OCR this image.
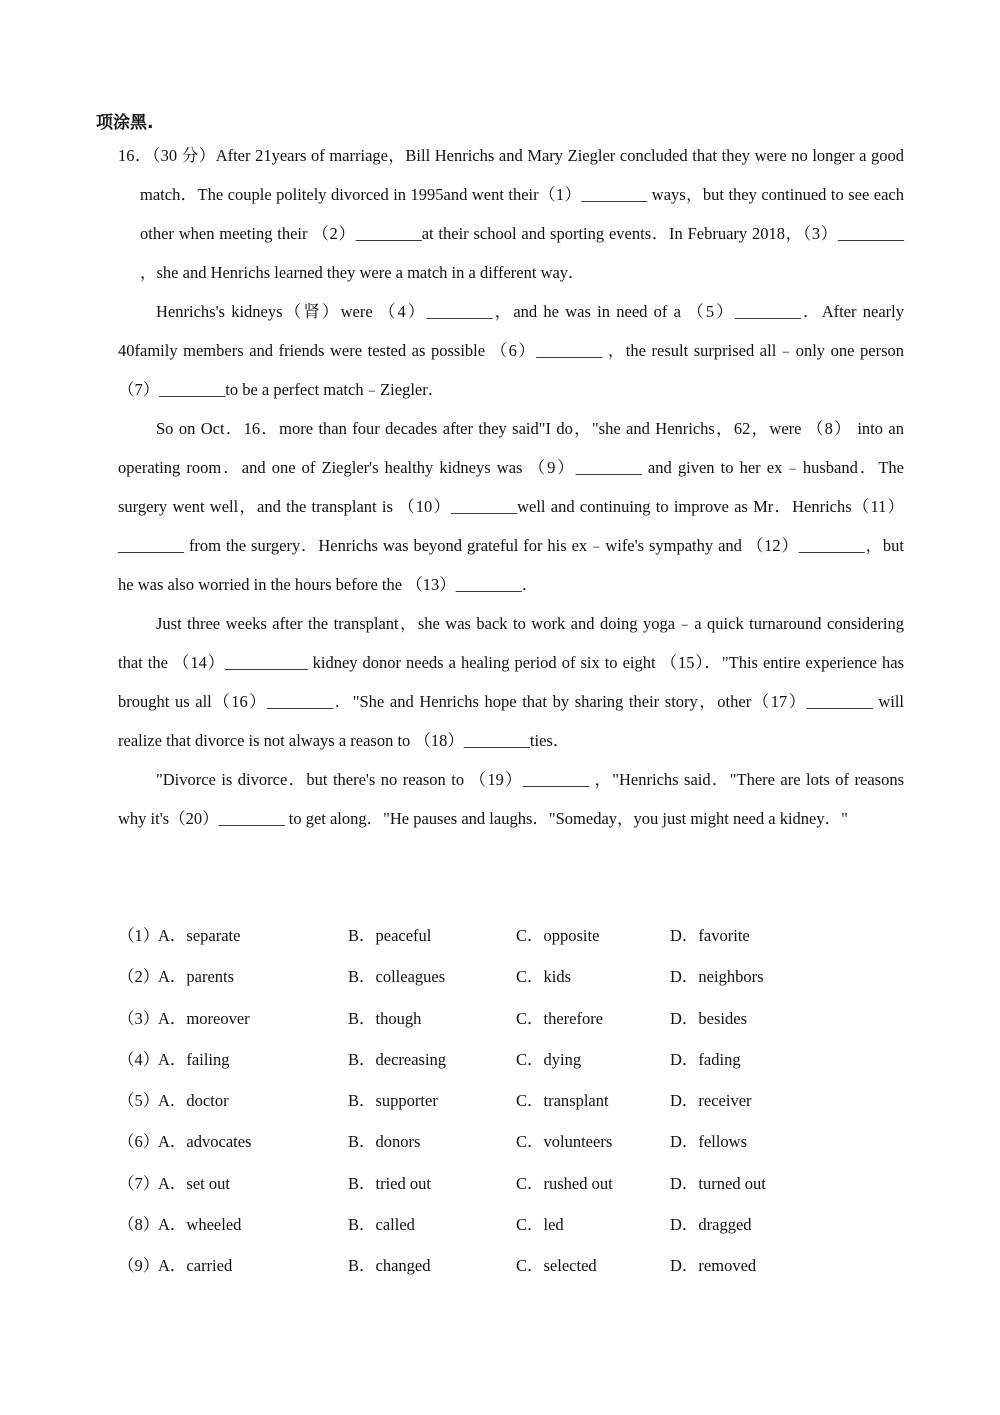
项涂黑.

16．（30 分）After 21years of marriage，Bill Henrichs and Mary Ziegler concluded that they were no longer a good match．The couple politely divorced in 1995and went their（1）________ ways，but they continued to see each other when meeting their （2）________at their school and sporting events．In February 2018，（3）________ ，she and Henrichs learned they were a match in a different way．

Henrichs's kidneys（肾）were （4）________，and he was in need of a （5）________．After nearly 40family members and friends were tested as possible （6）________ ，the result surprised all﹣only one person（7）________to be a perfect match﹣Ziegler．

So on Oct．16．more than four decades after they said"I do，"she and Henrichs，62，were （8） into an operating room．and one of Ziegler's healthy kidneys was （9）________ and given to her ex﹣husband．The surgery went well，and the transplant is （10）________well and continuing to improve as Mr．Henrichs（11）________ from the surgery．Henrichs was beyond grateful for his ex﹣wife's sympathy and （12）________，but he was also worried in the hours before the （13）________．

Just three weeks after the transplant，she was back to work and doing yoga﹣a quick turnaround considering that the （14）__________ kidney donor needs a healing period of six to eight （15）．"This entire experience has brought us all（16）________．"She and Henrichs hope that by sharing their story，other（17）________ will realize that divorce is not always a reason to （18）________ties．

"Divorce is divorce．but there's no reason to （19）________ ，"Henrichs said．"There are lots of reasons why it's（20）________ to get along．"He pauses and laughs．"Someday，you just might need a kidney．"

（1）
A．separate	B．peaceful	C．opposite	D．favorite
（2）
A．parents	B．colleagues	C．kids	D．neighbors
（3）
A．moreover	B．though	C．therefore	D．besides
（4）
A．failing	B．decreasing	C．dying	D．fading
（5）
A．doctor	B．supporter	C．transplant	D．receiver
（6）
A．advocates	B．donors	C．volunteers	D．fellows
（7）
A．set out	B．tried out	C．rushed out	D．turned out
（8）
A．wheeled	B．called	C．led	D．dragged
（9）
A．carried	B．changed	C．selected	D．removed
